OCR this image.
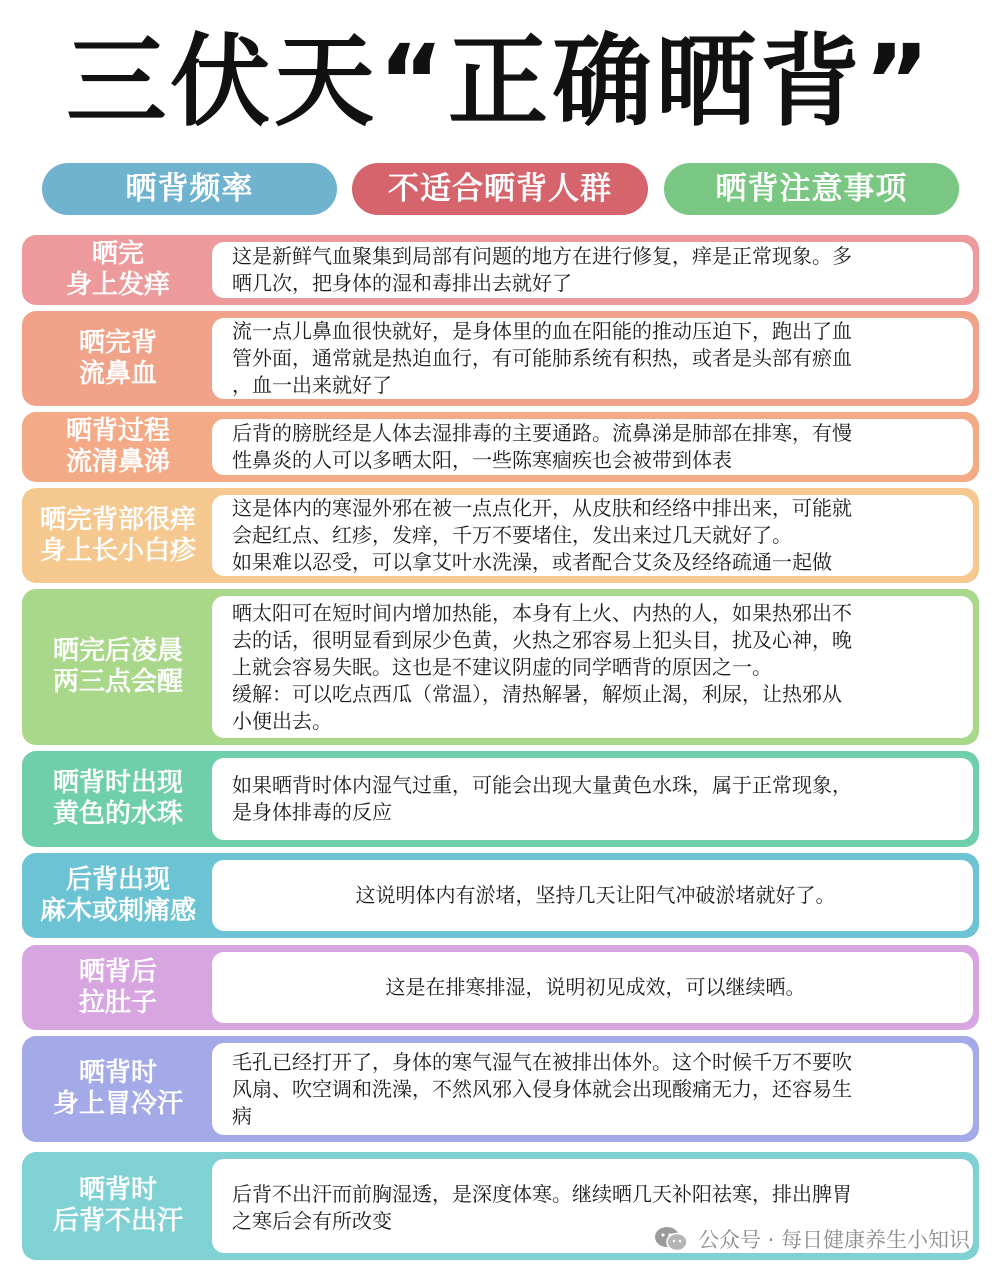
三伏天“正确晒背”
晒背频率	不适合晒背人群	晒背注意事项
晒完
身上发痒
这是新鲜气血聚集到局部有问题的地方在进行修复，痒是正常现象。多
晒几次，把身体的湿和毒排出去就好了
晒完背
流鼻血
流一点儿鼻血很快就好，是身体里的血在阳能的推动压迫下，跑出了血
管外面，通常就是热迫血行，有可能肺系统有积热，或者是头部有瘀血
，血一出来就好了
晒背过程
流清鼻涕
后背的膀胱经是人体去湿排毒的主要通路。流鼻涕是肺部在排寒，有慢
性鼻炎的人可以多晒太阳，一些陈寒痼疾也会被带到体表
晒完背部很痒
身上长小白疹
这是体内的寒湿外邪在被一点点化开，从皮肤和经络中排出来，可能就
会起红点、红疹，发痒，千万不要堵住，发出来过几天就好了。
如果难以忍受，可以拿艾叶水洗澡，或者配合艾灸及经络疏通一起做
晒完后凌晨
两三点会醒
晒太阳可在短时间内增加热能，本身有上火、内热的人，如果热邪出不
去的话，很明显看到尿少色黄，火热之邪容易上犯头目，扰及心神，晚
上就会容易失眠。这也是不建议阴虚的同学晒背的原因之一。
缓解：可以吃点西瓜（常温），清热解暑，解烦止渴，利尿，让热邪从
小便出去。
晒背时出现
黄色的水珠
如果晒背时体内湿气过重，可能会出现大量黄色水珠，属于正常现象，
是身体排毒的反应
后背出现
麻木或刺痛感
这说明体内有淤堵，坚持几天让阳气冲破淤堵就好了。
晒背后
拉肚子
这是在排寒排湿，说明初见成效，可以继续晒。
晒背时
身上冒冷汗
毛孔已经打开了，身体的寒气湿气在被排出体外。这个时候千万不要吹
风扇、吹空调和洗澡，不然风邪入侵身体就会出现酸痛无力，还容易生
病
晒背时
后背不出汗
后背不出汗而前胸湿透，是深度体寒。继续晒几天补阳祛寒，排出脾胃
之寒后会有所改变
公众号 · 每日健康养生小知识
